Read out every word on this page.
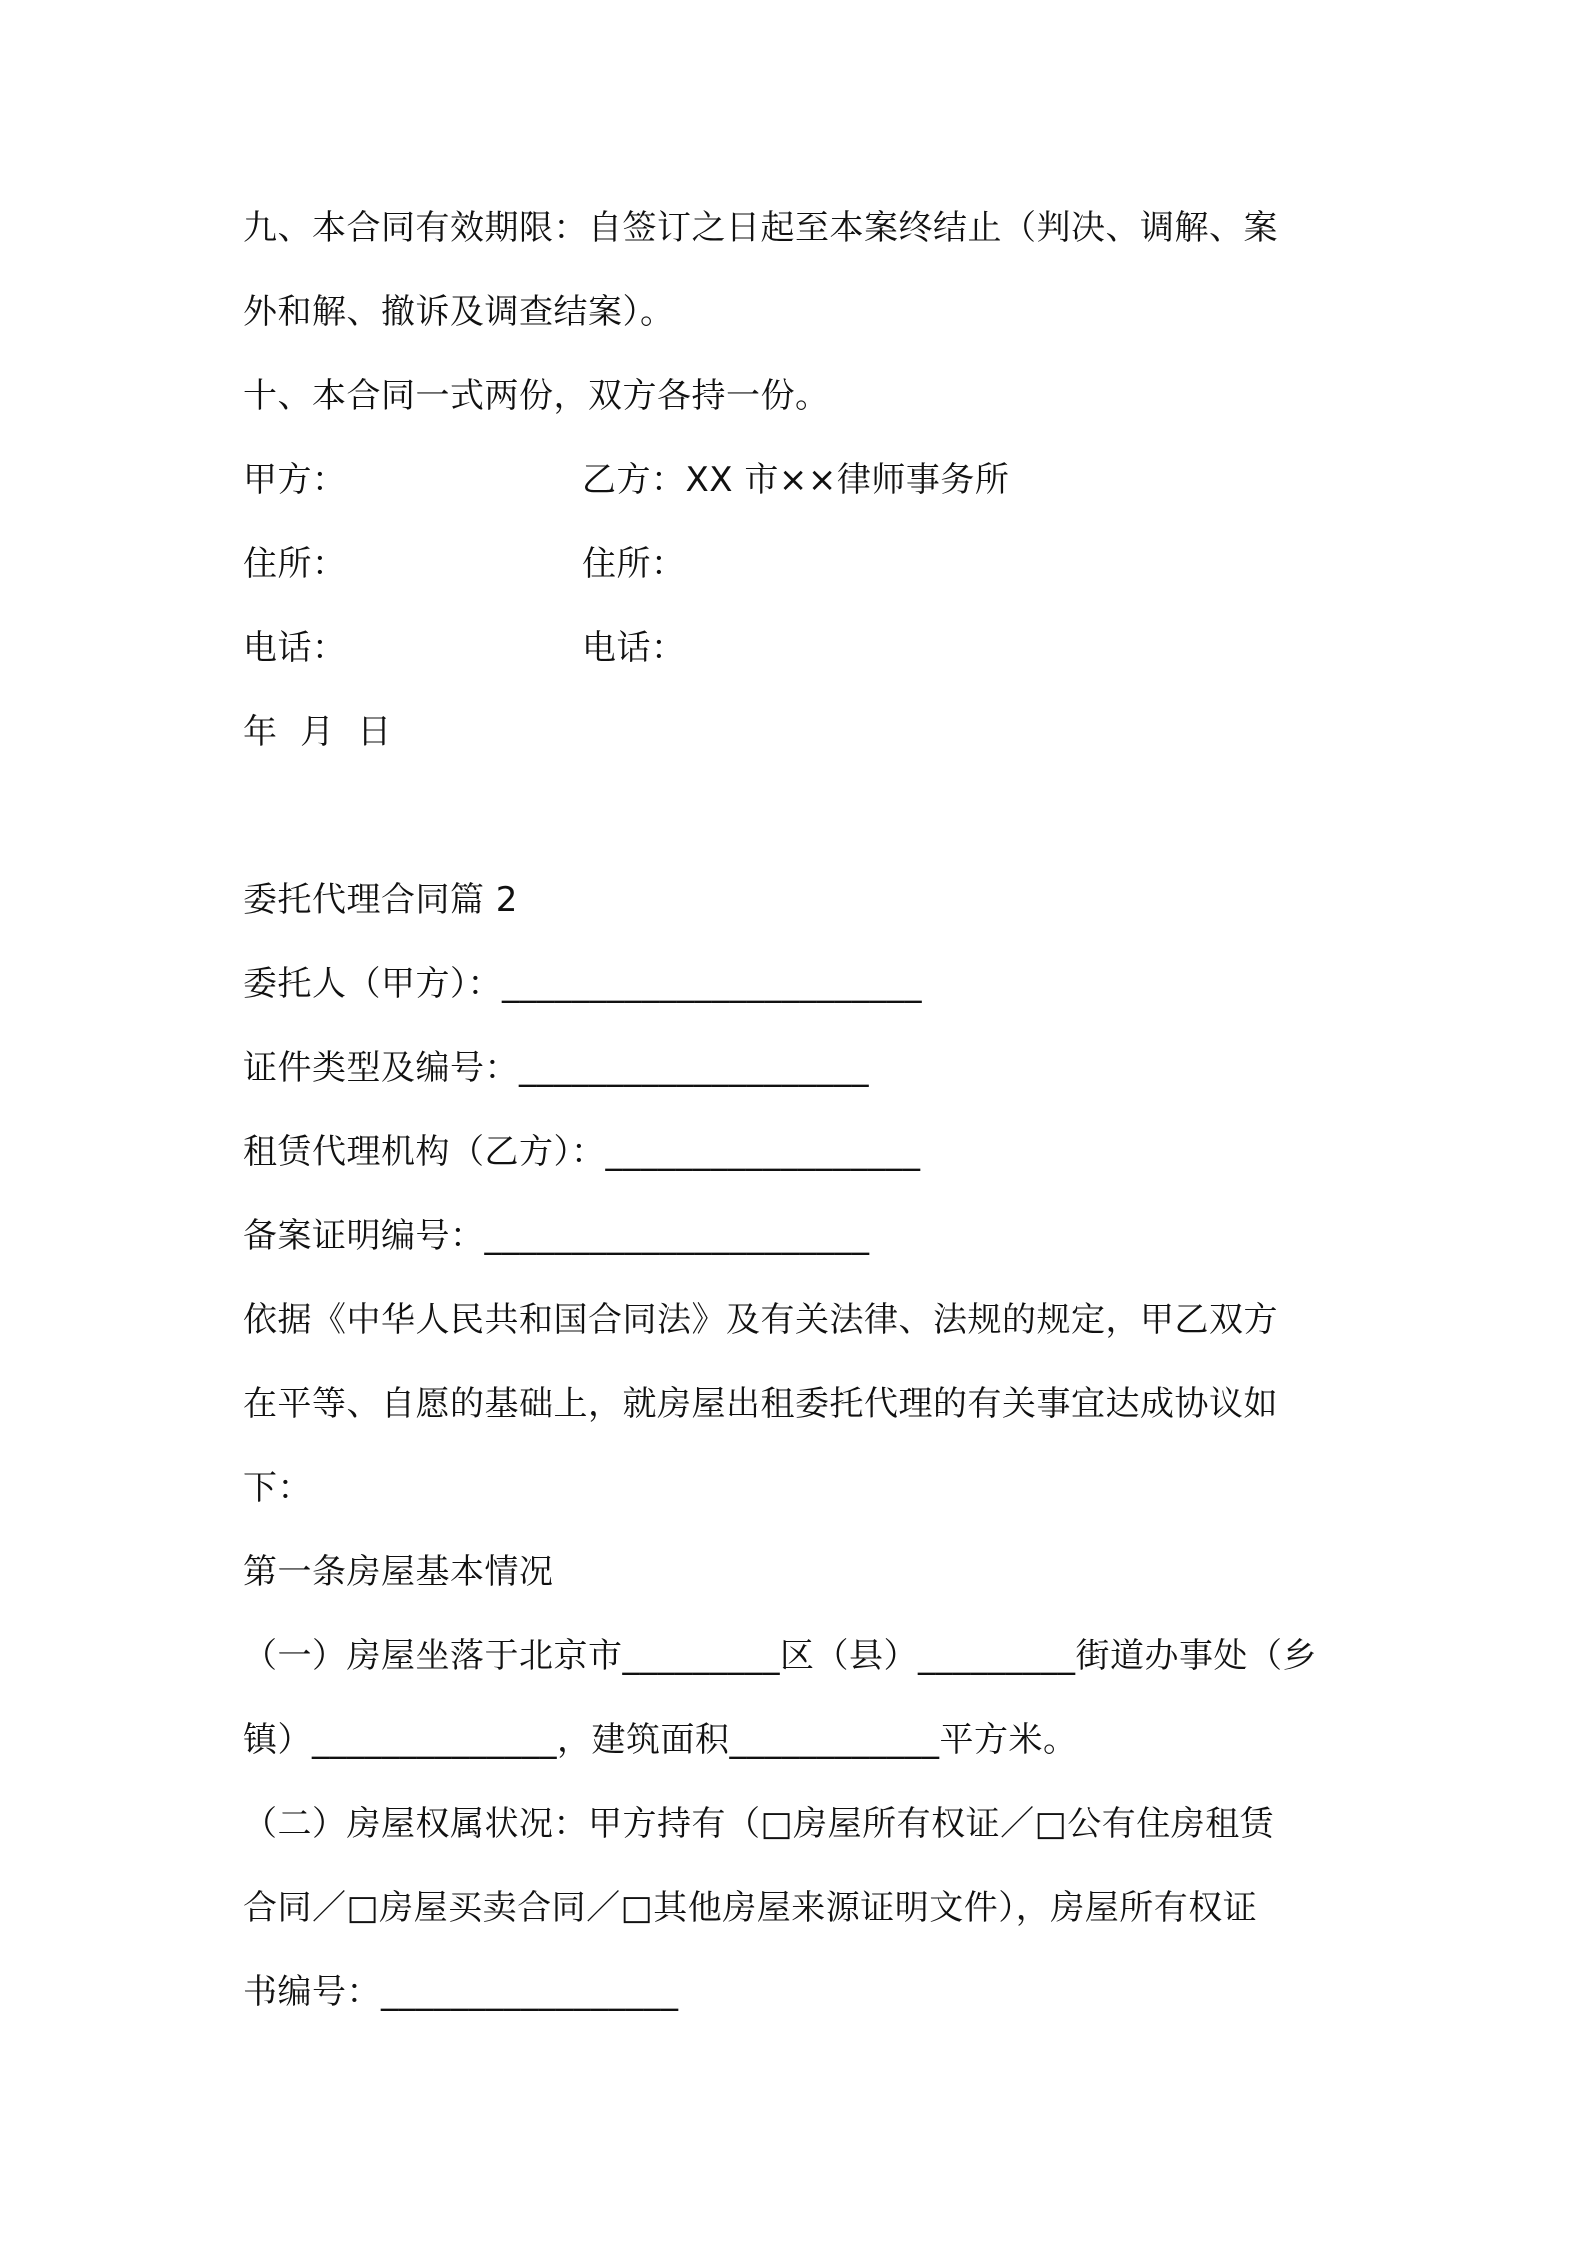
九、本合同有效期限：自签订之日起至本案终结止（判决、调解、案
外和解、撤诉及调查结案）。
十、本合同一式两份，双方各持一份。
甲方：	乙方：XX 市××律师事务所
住所：	住所：
电话：	电话：
年  月  日
委托代理合同篇 2
委托人（甲方）：________________________
证件类型及编号：____________________
租赁代理机构（乙方）：__________________
备案证明编号：______________________
依据《中华人民共和国合同法》及有关法律、法规的规定，甲乙双方
在平等、自愿的基础上，就房屋出租委托代理的有关事宜达成协议如
下：
第一条房屋基本情况
（一）房屋坐落于北京市_________区（县）_________街道办事处（乡
镇）______________，建筑面积____________平方米。
（二）房屋权属状况：甲方持有（□房屋所有权证／□公有住房租赁
合同／□房屋买卖合同／□其他房屋来源证明文件），房屋所有权证
书编号：_________________
